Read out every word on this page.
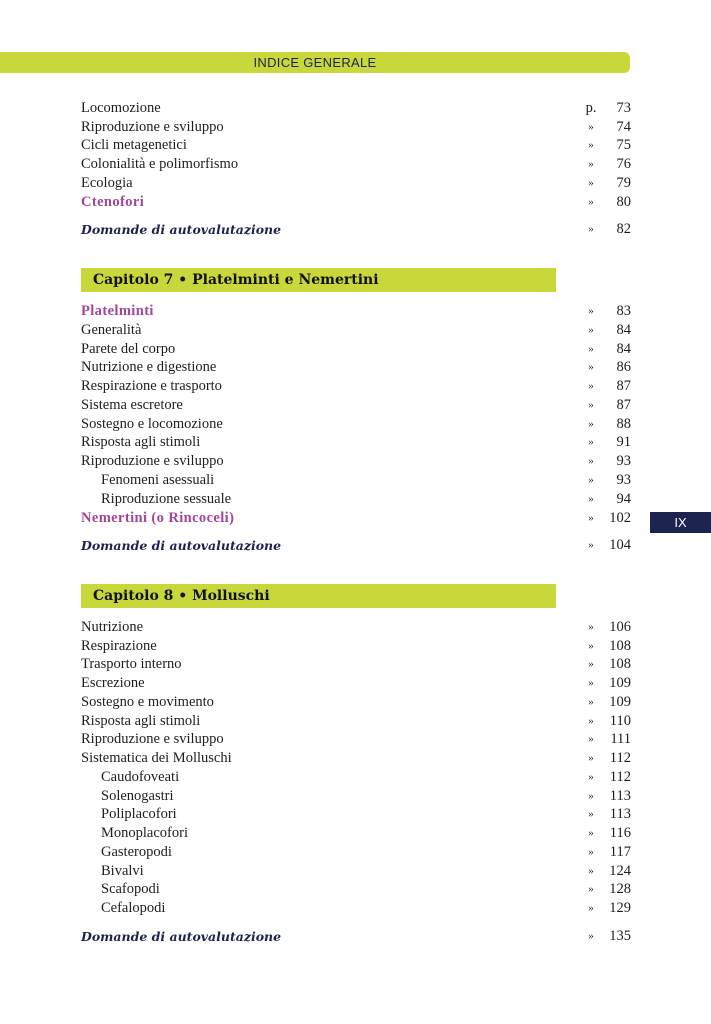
INDICE GENERALE
IX
Capitolo 7 • Platelminti e Nemertini
Capitolo 8 • Molluschi
Locomozione	p.	73
Riproduzione e sviluppo	»	74
Cicli metagenetici	»	75
Colonialità e polimorfismo	»	76
Ecologia	»	79
Ctenofori	»	80
Domande di autovalutazione	»	82
Platelminti	»	83
Generalità	»	84
Parete del corpo	»	84
Nutrizione e digestione	»	86
Respirazione e trasporto	»	87
Sistema escretore	»	87
Sostegno e locomozione	»	88
Risposta agli stimoli	»	91
Riproduzione e sviluppo	»	93
Fenomeni asessuali	»	93
Riproduzione sessuale	»	94
Nemertini (o Rincoceli)	»	102
Domande di autovalutazione	»	104
Nutrizione	»	106
Respirazione	»	108
Trasporto interno	»	108
Escrezione	»	109
Sostegno e movimento	»	109
Risposta agli stimoli	»	110
Riproduzione e sviluppo	»	111
Sistematica dei Molluschi	»	112
Caudofoveati	»	112
Solenogastri	»	113
Poliplacofori	»	113
Monoplacofori	»	116
Gasteropodi	»	117
Bivalvi	»	124
Scafopodi	»	128
Cefalopodi	»	129
Domande di autovalutazione	»	135
